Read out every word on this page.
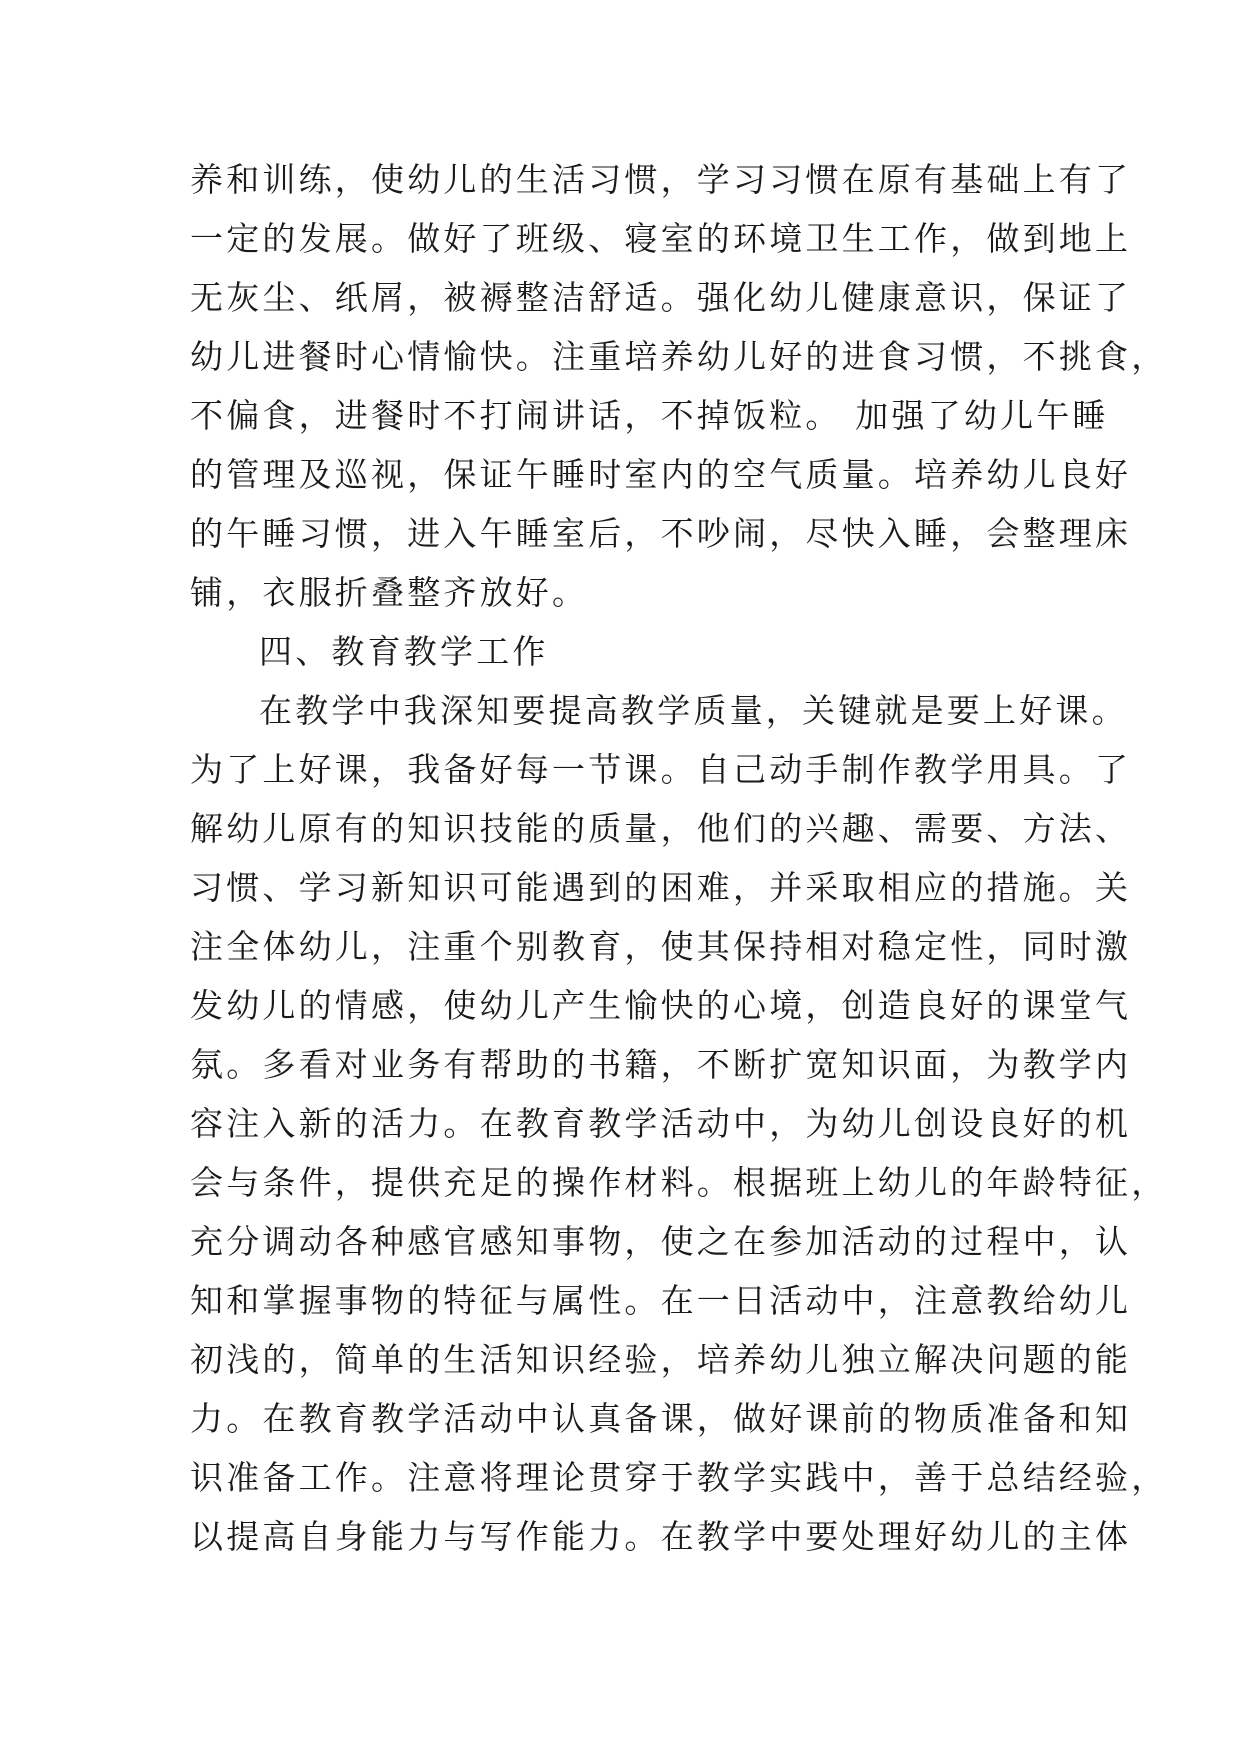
养和训练，使幼儿的生活习惯，学习习惯在原有基础上有了
一定的发展。做好了班级、寝室的环境卫生工作，做到地上
无灰尘、纸屑，被褥整洁舒适。强化幼儿健康意识，保证了
幼儿进餐时心情愉快。注重培养幼儿好的进食习惯，不挑食，
不偏食，进餐时不打闹讲话，不掉饭粒。 加强了幼儿午睡
的管理及巡视，保证午睡时室内的空气质量。培养幼儿良好
的午睡习惯，进入午睡室后，不吵闹，尽快入睡，会整理床
铺，衣服折叠整齐放好。
四、教育教学工作
在教学中我深知要提高教学质量，关键就是要上好课。
为了上好课，我备好每一节课。自己动手制作教学用具。了
解幼儿原有的知识技能的质量，他们的兴趣、需要、方法、
习惯、学习新知识可能遇到的困难，并采取相应的措施。关
注全体幼儿，注重个别教育，使其保持相对稳定性，同时激
发幼儿的情感，使幼儿产生愉快的心境，创造良好的课堂气
氛。多看对业务有帮助的书籍，不断扩宽知识面，为教学内
容注入新的活力。在教育教学活动中，为幼儿创设良好的机
会与条件，提供充足的操作材料。根据班上幼儿的年龄特征，
充分调动各种感官感知事物，使之在参加活动的过程中，认
知和掌握事物的特征与属性。在一日活动中，注意教给幼儿
初浅的，简单的生活知识经验，培养幼儿独立解决问题的能
力。在教育教学活动中认真备课，做好课前的物质准备和知
识准备工作。注意将理论贯穿于教学实践中，善于总结经验，
以提高自身能力与写作能力。在教学中要处理好幼儿的主体
